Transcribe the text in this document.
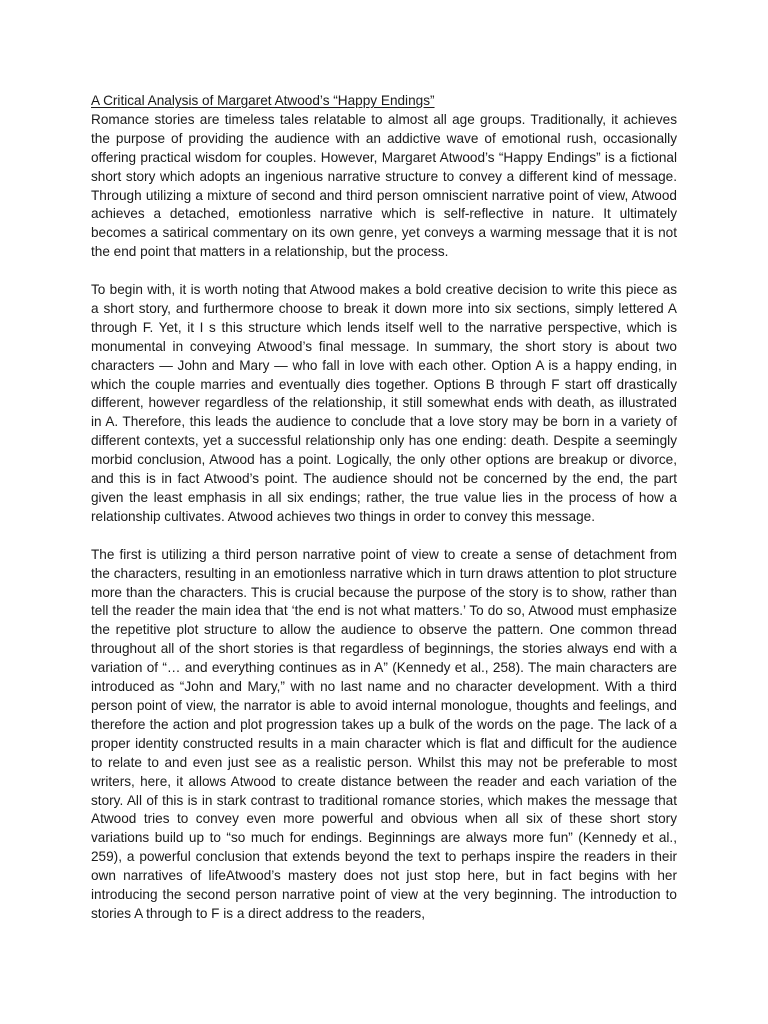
A Critical Analysis of Margaret Atwood’s “Happy Endings”

Romance stories are timeless tales relatable to almost all age groups. Traditionally, it achieves the purpose of providing the audience with an addictive wave of emotional rush, occasionally offering practical wisdom for couples. However, Margaret Atwood’s “Happy Endings” is a fictional short story which adopts an ingenious narrative structure to convey a different kind of message. Through utilizing a mixture of second and third person omniscient narrative point of view, Atwood achieves a detached, emotionless narrative which is self-reflective in nature. It ultimately becomes a satirical commentary on its own genre, yet conveys a warming message that it is not the end point that matters in a relationship, but the process.

To begin with, it is worth noting that Atwood makes a bold creative decision to write this piece as a short story, and furthermore choose to break it down more into six sections, simply lettered A through F. Yet, it I s this structure which lends itself well to the narrative perspective, which is monumental in conveying Atwood’s final message. In summary, the short story is about two characters — John and Mary — who fall in love with each other. Option A is a happy ending, in which the couple marries and eventually dies together. Options B through F start off drastically different, however regardless of the relationship, it still somewhat ends with death, as illustrated in A. Therefore, this leads the audience to conclude that a love story may be born in a variety of different contexts, yet a successful relationship only has one ending: death. Despite a seemingly morbid conclusion, Atwood has a point. Logically, the only other options are breakup or divorce, and this is in fact Atwood’s point. The audience should not be concerned by the end, the part given the least emphasis in all six endings; rather, the true value lies in the process of how a relationship cultivates. Atwood achieves two things in order to convey this message.

The first is utilizing a third person narrative point of view to create a sense of detachment from the characters, resulting in an emotionless narrative which in turn draws attention to plot structure more than the characters. This is crucial because the purpose of the story is to show, rather than tell the reader the main idea that ‘the end is not what matters.’ To do so, Atwood must emphasize the repetitive plot structure to allow the audience to observe the pattern. One common thread throughout all of the short stories is that regardless of beginnings, the stories always end with a variation of “… and everything continues as in A” (Kennedy et al., 258). The main characters are introduced as “John and Mary,” with no last name and no character development. With a third person point of view, the narrator is able to avoid internal monologue, thoughts and feelings, and therefore the action and plot progression takes up a bulk of the words on the page. The lack of a proper identity constructed results in a main character which is flat and difficult for the audience to relate to and even just see as a realistic person. Whilst this may not be preferable to most writers, here, it allows Atwood to create distance between the reader and each variation of the story. All of this is in stark contrast to traditional romance stories, which makes the message that Atwood tries to convey even more powerful and obvious when all six of these short story variations build up to “so much for endings. Beginnings are always more fun” (Kennedy et al., 259), a powerful conclusion that extends beyond the text to perhaps inspire the readers in their own narratives of lifeAtwood’s mastery does not just stop here, but in fact begins with her introducing the second person narrative point of view at the very beginning. The introduction to stories A through to F is a direct address to the readers,
